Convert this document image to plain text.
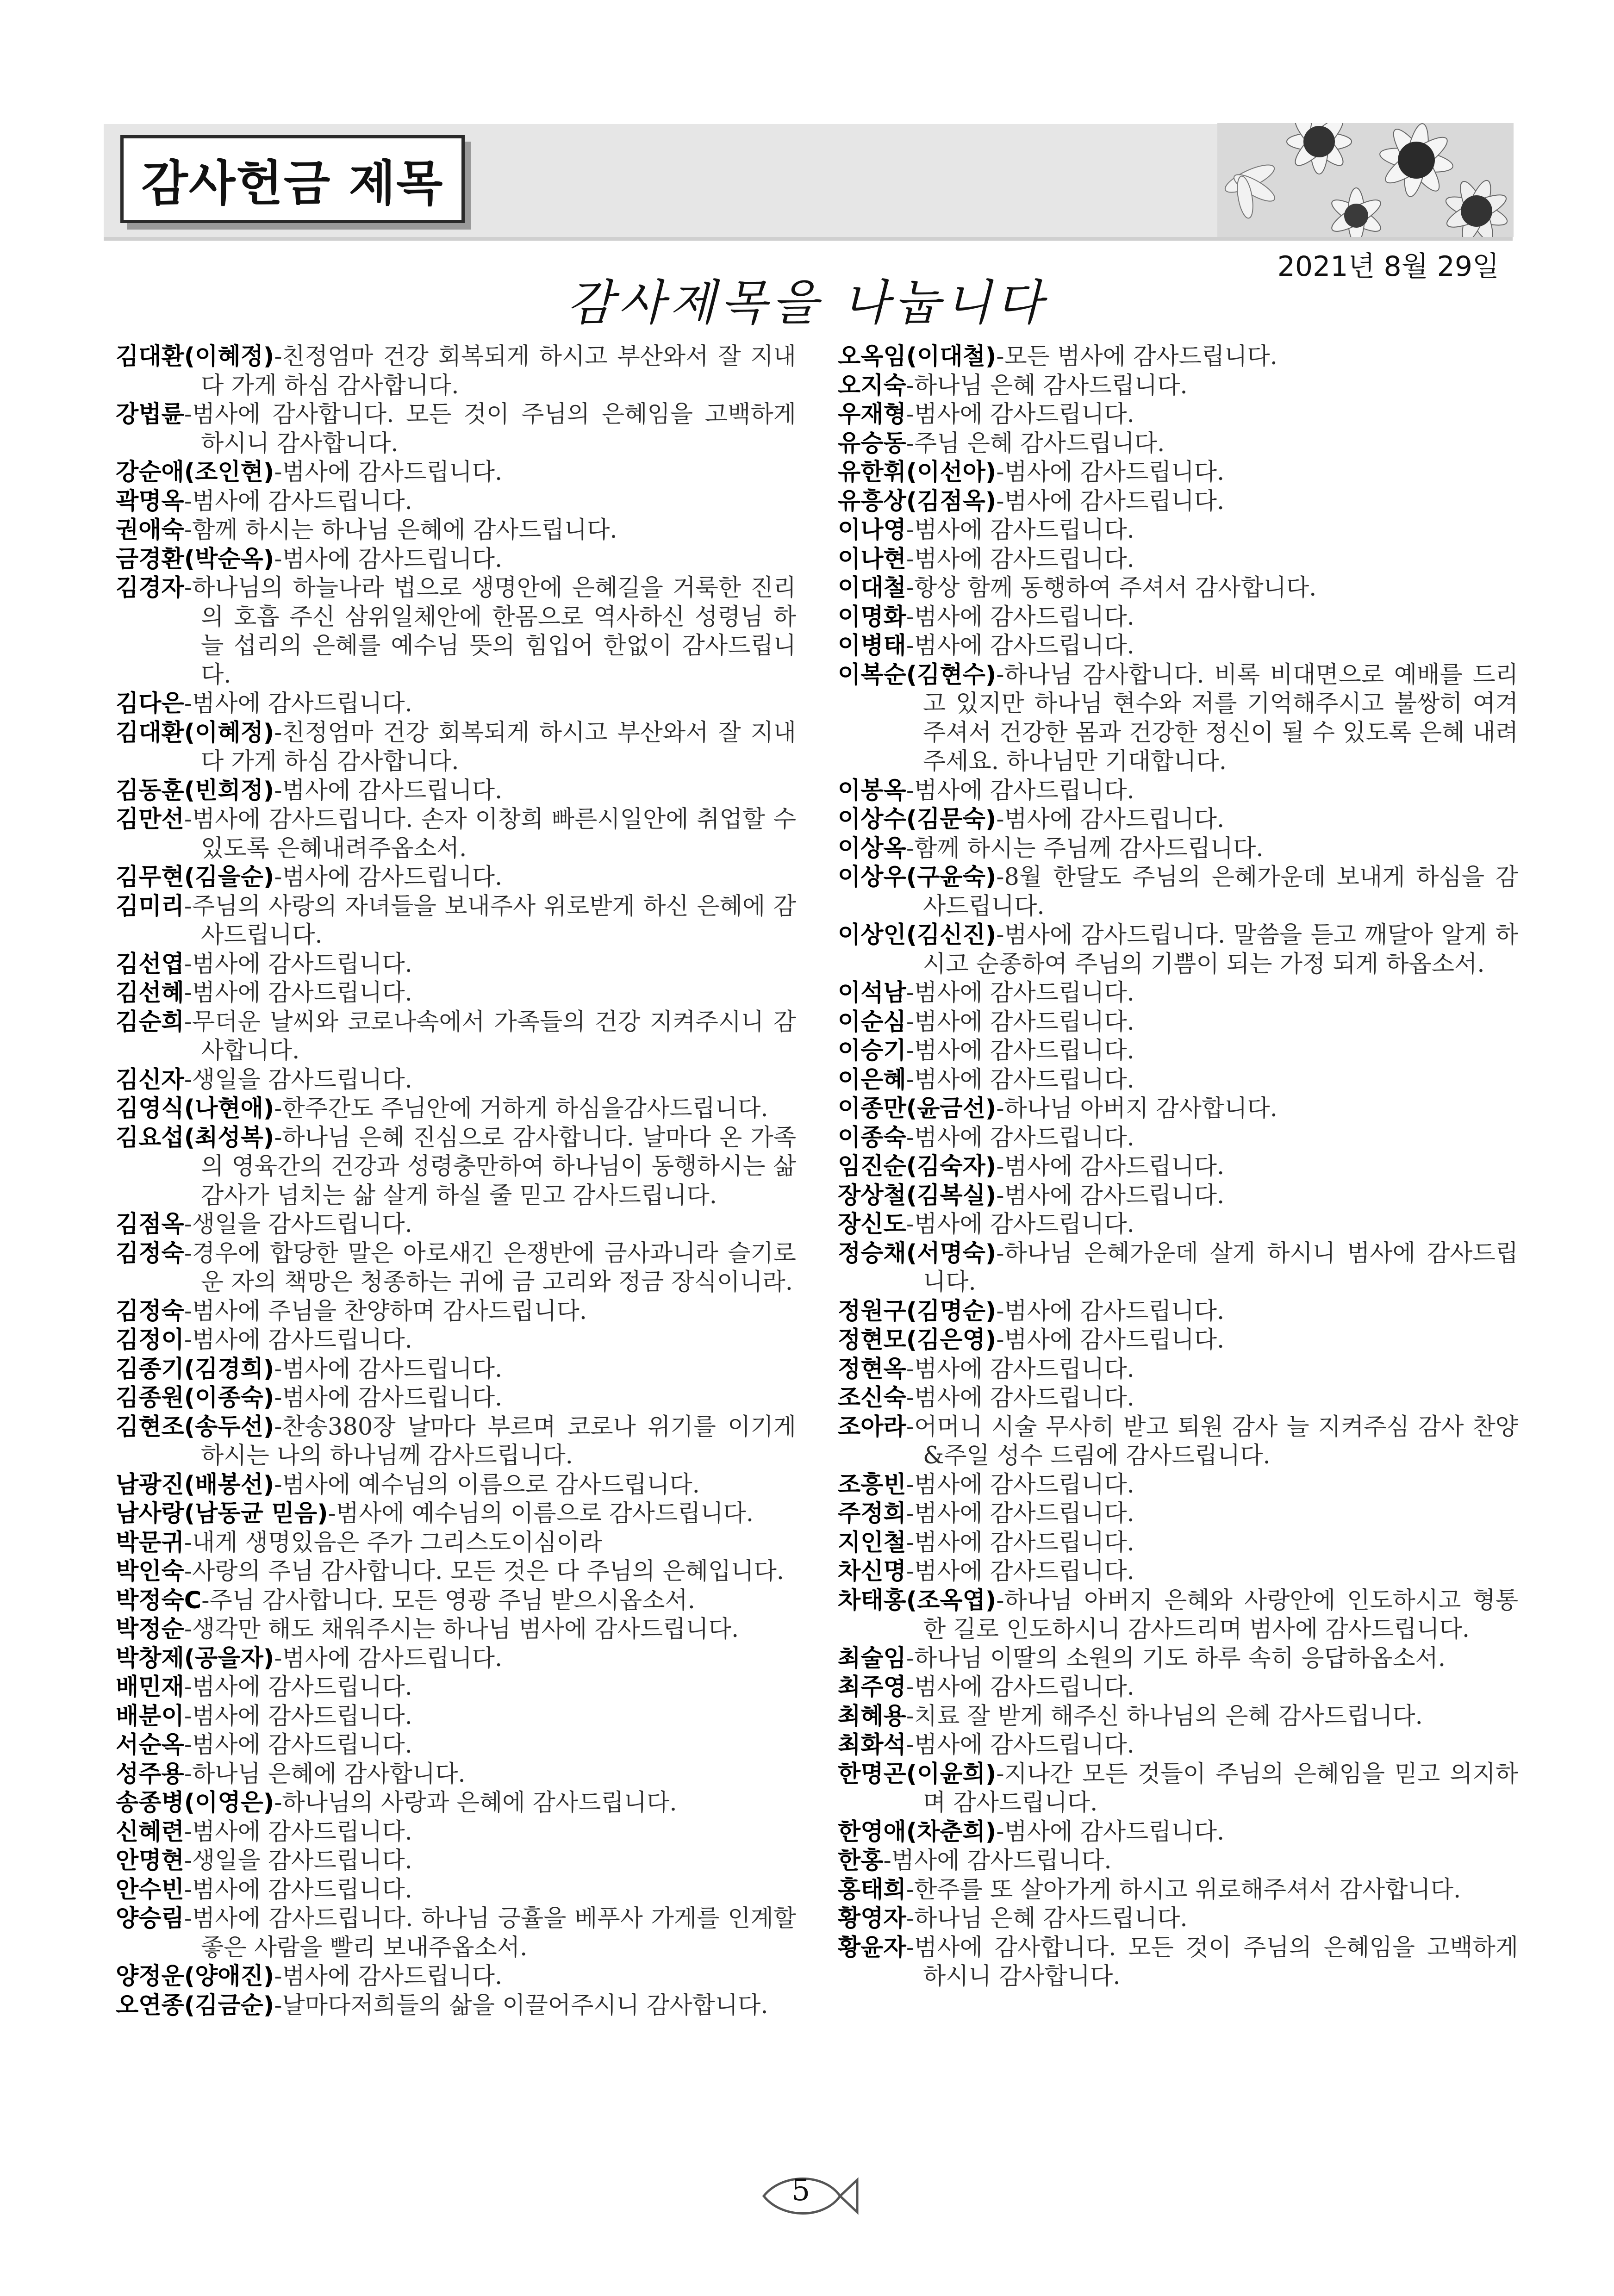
감사헌금 제목
2021년 8월 29일
감사제목을 나눕니다
김대환(이혜정)-친정엄마 건강 회복되게 하시고 부산와서 잘 지내다 가게 하심 감사합니다.
강법륜-범사에 감사합니다. 모든 것이 주님의 은혜임을 고백하게 하시니 감사합니다.
강순애(조인현)-범사에 감사드립니다.
곽명옥-범사에 감사드립니다.
권애숙-함께 하시는 하나님 은혜에 감사드립니다.
금경환(박순옥)-범사에 감사드립니다.
김경자-하나님의 하늘나라 법으로 생명안에 은혜길을 거룩한 진리의 호흡 주신 삼위일체안에 한몸으로 역사하신 성령님 하늘 섭리의 은혜를 예수님 뜻의 힘입어 한없이 감사드립니다.
김다은-범사에 감사드립니다.
김대환(이혜정)-친정엄마 건강 회복되게 하시고 부산와서 잘 지내다 가게 하심 감사합니다.
김동훈(빈희정)-범사에 감사드립니다.
김만선-범사에 감사드립니다. 손자 이창희 빠른시일안에 취업할 수 있도록 은혜내려주옵소서.
김무현(김을순)-범사에 감사드립니다.
김미리-주님의 사랑의 자녀들을 보내주사 위로받게 하신 은혜에 감사드립니다.
김선엽-범사에 감사드립니다.
김선혜-범사에 감사드립니다.
김순희-무더운 날씨와 코로나속에서 가족들의 건강 지켜주시니 감사합니다.
김신자-생일을 감사드립니다.
김영식(나현애)-한주간도 주님안에 거하게 하심을감사드립니다.
김요섭(최성복)-하나님 은혜 진심으로 감사합니다. 날마다 온 가족의 영육간의 건강과 성령충만하여 하나님이 동행하시는 삶 감사가 넘치는 삶 살게 하실 줄 믿고 감사드립니다.
김점옥-생일을 감사드립니다.
김정숙-경우에 합당한 말은 아로새긴 은쟁반에 금사과니라 슬기로운 자의 책망은 청종하는 귀에 금 고리와 정금 장식이니라.
김정숙-범사에 주님을 찬양하며 감사드립니다.
김정이-범사에 감사드립니다.
김종기(김경희)-범사에 감사드립니다.
김종원(이종숙)-범사에 감사드립니다.
김현조(송두선)-찬송380장 날마다 부르며 코로나 위기를 이기게 하시는 나의 하나님께 감사드립니다.
남광진(배봉선)-범사에 예수님의 이름으로 감사드립니다.
남사랑(남동균 믿음)-범사에 예수님의 이름으로 감사드립니다.
박문귀-내게 생명있음은 주가 그리스도이심이라
박인숙-사랑의 주님 감사합니다. 모든 것은 다 주님의 은혜입니다.
박정숙C-주님 감사합니다. 모든 영광 주님 받으시옵소서.
박정순-생각만 해도 채워주시는 하나님 범사에 감사드립니다.
박창제(공을자)-범사에 감사드립니다.
배민재-범사에 감사드립니다.
배분이-범사에 감사드립니다.
서순옥-범사에 감사드립니다.
성주용-하나님 은혜에 감사합니다.
송종병(이영은)-하나님의 사랑과 은혜에 감사드립니다.
신혜련-범사에 감사드립니다.
안명현-생일을 감사드립니다.
안수빈-범사에 감사드립니다.
양승림-범사에 감사드립니다. 하나님 긍휼을 베푸사 가게를 인계할 좋은 사람을 빨리 보내주옵소서.
양정운(양애진)-범사에 감사드립니다.
오연종(김금순)-날마다저희들의 삶을 이끌어주시니 감사합니다.
오옥임(이대철)-모든 범사에 감사드립니다.
오지숙-하나님 은혜 감사드립니다.
우재형-범사에 감사드립니다.
유승동-주님 은혜 감사드립니다.
유한휘(이선아)-범사에 감사드립니다.
유흥상(김점옥)-범사에 감사드립니다.
이나영-범사에 감사드립니다.
이나현-범사에 감사드립니다.
이대철-항상 함께 동행하여 주셔서 감사합니다.
이명화-범사에 감사드립니다.
이병태-범사에 감사드립니다.
이복순(김현수)-하나님 감사합니다. 비록 비대면으로 예배를 드리고 있지만 하나님 현수와 저를 기억해주시고 불쌍히 여겨주셔서 건강한 몸과 건강한 정신이 될 수 있도록 은혜 내려주세요. 하나님만 기대합니다.
이봉옥-범사에 감사드립니다.
이상수(김문숙)-범사에 감사드립니다.
이상옥-함께 하시는 주님께 감사드립니다.
이상우(구윤숙)-8월 한달도 주님의 은혜가운데 보내게 하심을 감사드립니다.
이상인(김신진)-범사에 감사드립니다. 말씀을 듣고 깨달아 알게 하시고 순종하여 주님의 기쁨이 되는 가정 되게 하옵소서.
이석남-범사에 감사드립니다.
이순심-범사에 감사드립니다.
이승기-범사에 감사드립니다.
이은혜-범사에 감사드립니다.
이종만(윤금선)-하나님 아버지 감사합니다.
이종숙-범사에 감사드립니다.
임진순(김숙자)-범사에 감사드립니다.
장상철(김복실)-범사에 감사드립니다.
장신도-범사에 감사드립니다.
정승채(서명숙)-하나님 은혜가운데 살게 하시니 범사에 감사드립니다.
정원구(김명순)-범사에 감사드립니다.
정현모(김은영)-범사에 감사드립니다.
정현옥-범사에 감사드립니다.
조신숙-범사에 감사드립니다.
조아라-어머니 시술 무사히 받고 퇴원 감사 늘 지켜주심 감사 찬양&주일 성수 드림에 감사드립니다.
조흥빈-범사에 감사드립니다.
주정희-범사에 감사드립니다.
지인철-범사에 감사드립니다.
차신명-범사에 감사드립니다.
차태홍(조옥엽)-하나님 아버지 은혜와 사랑안에 인도하시고 형통한 길로 인도하시니 감사드리며 범사에 감사드립니다.
최술임-하나님 이딸의 소원의 기도 하루 속히 응답하옵소서.
최주영-범사에 감사드립니다.
최혜용-치료 잘 받게 해주신 하나님의 은혜 감사드립니다.
최화석-범사에 감사드립니다.
한명곤(이윤희)-지나간 모든 것들이 주님의 은혜임을 믿고 의지하며 감사드립니다.
한영애(차춘희)-범사에 감사드립니다.
한홍-범사에 감사드립니다.
홍태희-한주를 또 살아가게 하시고 위로해주셔서 감사합니다.
황영자-하나님 은혜 감사드립니다.
황윤자-범사에 감사합니다. 모든 것이 주님의 은혜임을 고백하게 하시니 감사합니다.
5
